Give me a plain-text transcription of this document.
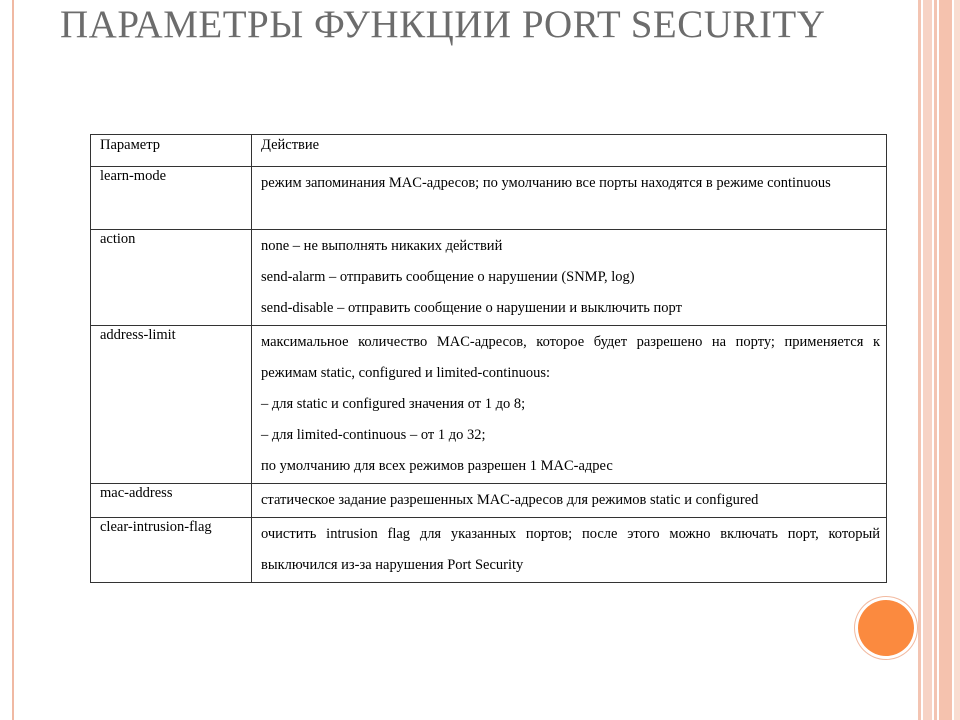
ПАРАМЕТРЫ ФУНКЦИИ PORT SECURITY
Параметр	Действие
learn-mode	режим запоминания MAC-адресов; по умолчанию все порты находятся в режиме continuous

action	none – не выполнять никаких действий
send-alarm – отправить сообщение о нарушении (SNMP, log)
send-disable – отправить сообщение о нарушении и выключить порт

address-limit	максимальное количество MAC-адресов, которое будет разрешено на порту; применяется к режимам static, configured и limited-continuous:
– для static и configured значения от 1 до 8;
– для limited-continuous – от 1 до 32;
по умолчанию для всех режимов разрешен 1 MAC-адрес

mac-address	статическое задание разрешенных MAC-адресов для режимов static и configured

clear-intrusion-flag	очистить intrusion flag для указанных портов; после этого можно включать порт, который выключился из-за нарушения Port Security
